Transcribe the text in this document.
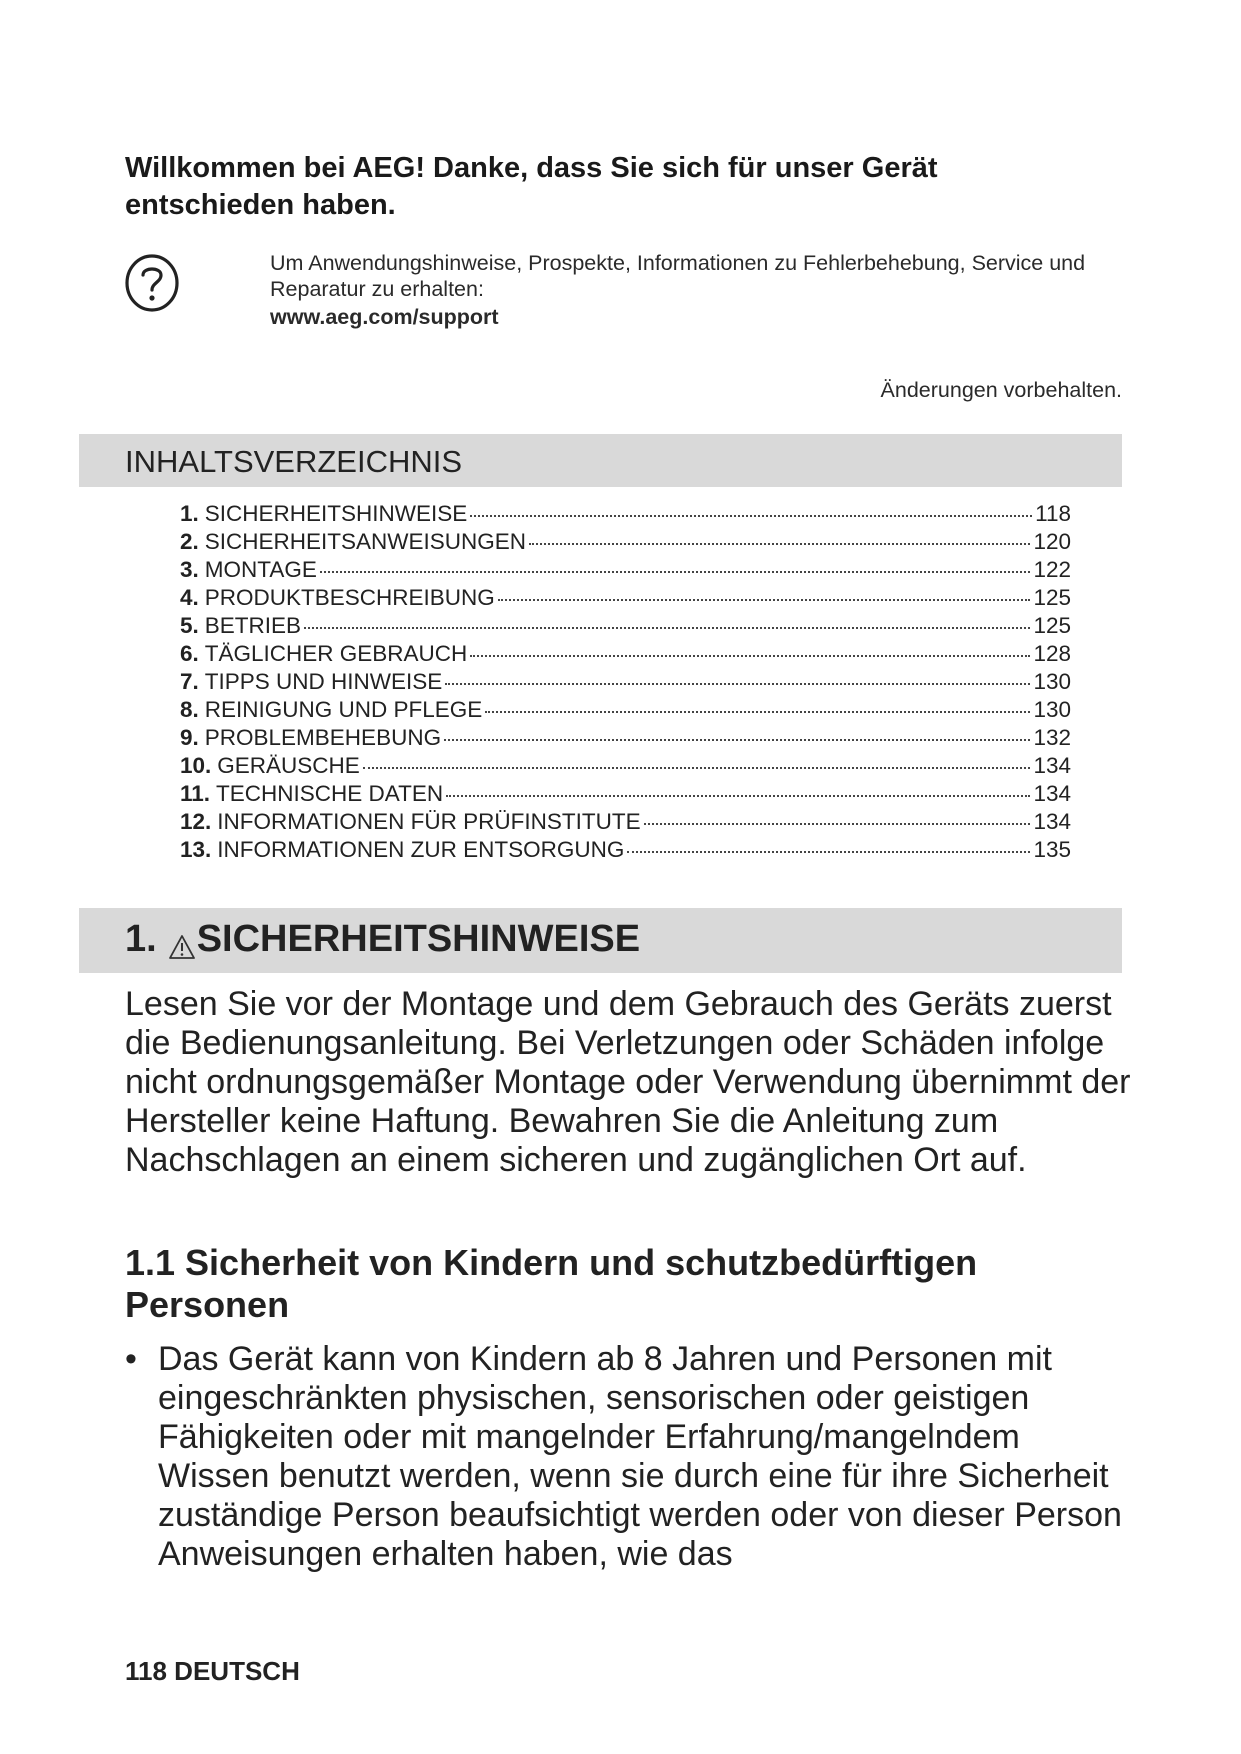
Willkommen bei AEG! Danke, dass Sie sich für unser Gerät entschieden haben.
Um Anwendungshinweise, Prospekte, Informationen zu Fehlerbehebung, Service und Reparatur zu erhalten:
www.aeg.com/support
Änderungen vorbehalten.
INHALTSVERZEICHNIS
1. SICHERHEITSHINWEISE	118
2. SICHERHEITSANWEISUNGEN	120
3. MONTAGE	122
4. PRODUKTBESCHREIBUNG	125
5. BETRIEB	125
6. TÄGLICHER GEBRAUCH	128
7. TIPPS UND HINWEISE	130
8. REINIGUNG UND PFLEGE	130
9. PROBLEMBEHEBUNG	132
10. GERÄUSCHE	134
11. TECHNISCHE DATEN	134
12. INFORMATIONEN FÜR PRÜFINSTITUTE	134
13. INFORMATIONEN ZUR ENTSORGUNG	135
1. SICHERHEITSHINWEISE
Lesen Sie vor der Montage und dem Gebrauch des Geräts zuerst die Bedienungsanleitung. Bei Verletzungen oder Schäden infolge nicht ordnungsgemäßer Montage oder Verwendung übernimmt der Hersteller keine Haftung. Bewahren Sie die Anleitung zum Nachschlagen an einem sicheren und zugänglichen Ort auf.
1.1 Sicherheit von Kindern und schutzbedürftigen Personen
• Das Gerät kann von Kindern ab 8 Jahren und Personen mit eingeschränkten physischen, sensorischen oder geistigen Fähigkeiten oder mit mangelnder Erfahrung/mangelndem Wissen benutzt werden, wenn sie durch eine für ihre Sicherheit zuständige Person beaufsichtigt werden oder von dieser Person Anweisungen erhalten haben, wie das
118 DEUTSCH
